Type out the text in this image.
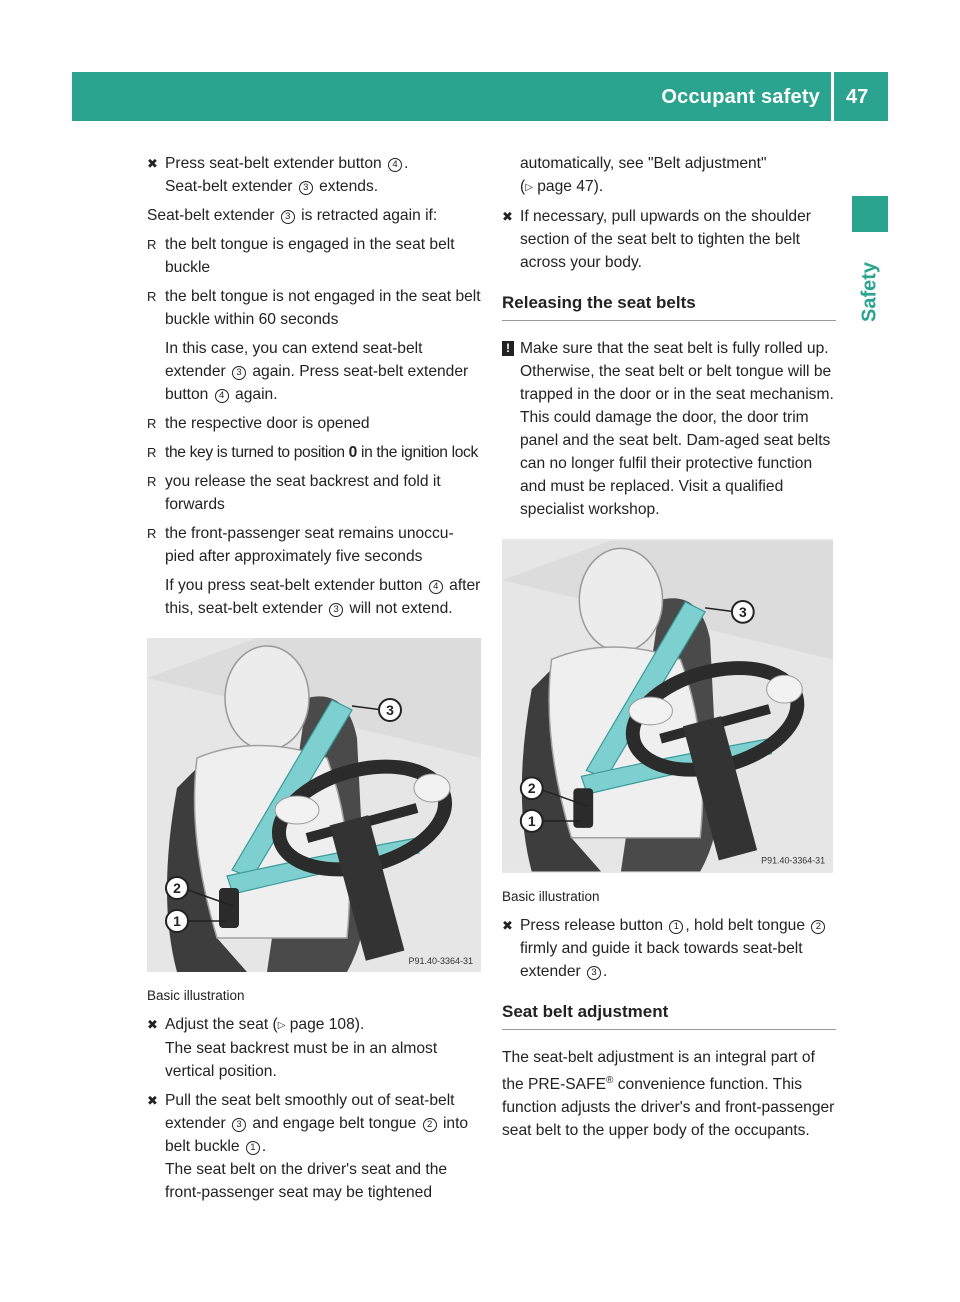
Occupant safety 47
Safety
✖ Press seat-belt extender button 4 .
Seat-belt extender 3 extends.

Seat-belt extender 3 is retracted again if:

R the belt tongue is engaged in the seat belt buckle
R the belt tongue is not engaged in the seat belt buckle within 60 seconds
In this case, you can extend seat-belt extender 3 again. Press seat-belt extender button 4 again.
R the respective door is opened
R the key is turned to position 0 in the ignition lock
R you release the seat backrest and fold it forwards
R the front-passenger seat remains unoccu-pied after approximately five seconds
If you press seat-belt extender button 4 after this, seat-belt extender 3 will not extend.
3
2
1
P91.40-3364-31

Basic illustration

✖ Adjust the seat (▷ page 108).
The seat backrest must be in an almost vertical position.
✖ Pull the seat belt smoothly out of seat-belt extender 3 and engage belt tongue 2 into belt buckle 1 .
The seat belt on the driver's seat and the front-passenger seat may be tightened
automatically, see "Belt adjustment"
(▷ page 47).
✖ If necessary, pull upwards on the shoulder section of the seat belt to tighten the belt across your body.
Releasing the seat belts
! Make sure that the seat belt is fully rolled up. Otherwise, the seat belt or belt tongue will be trapped in the door or in the seat mechanism. This could damage the door, the door trim panel and the seat belt. Dam-aged seat belts can no longer fulfil their protective function and must be replaced. Visit a qualified specialist workshop.
3
2
1
P91.40-3364-31

Basic illustration

✖ Press release button 1 , hold belt tongue 2 firmly and guide it back towards seat-belt extender 3 .
Seat belt adjustment

The seat-belt adjustment is an integral part of the PRE-SAFE® convenience function. This function adjusts the driver's and front-passenger seat belt to the upper body of the occupants.
